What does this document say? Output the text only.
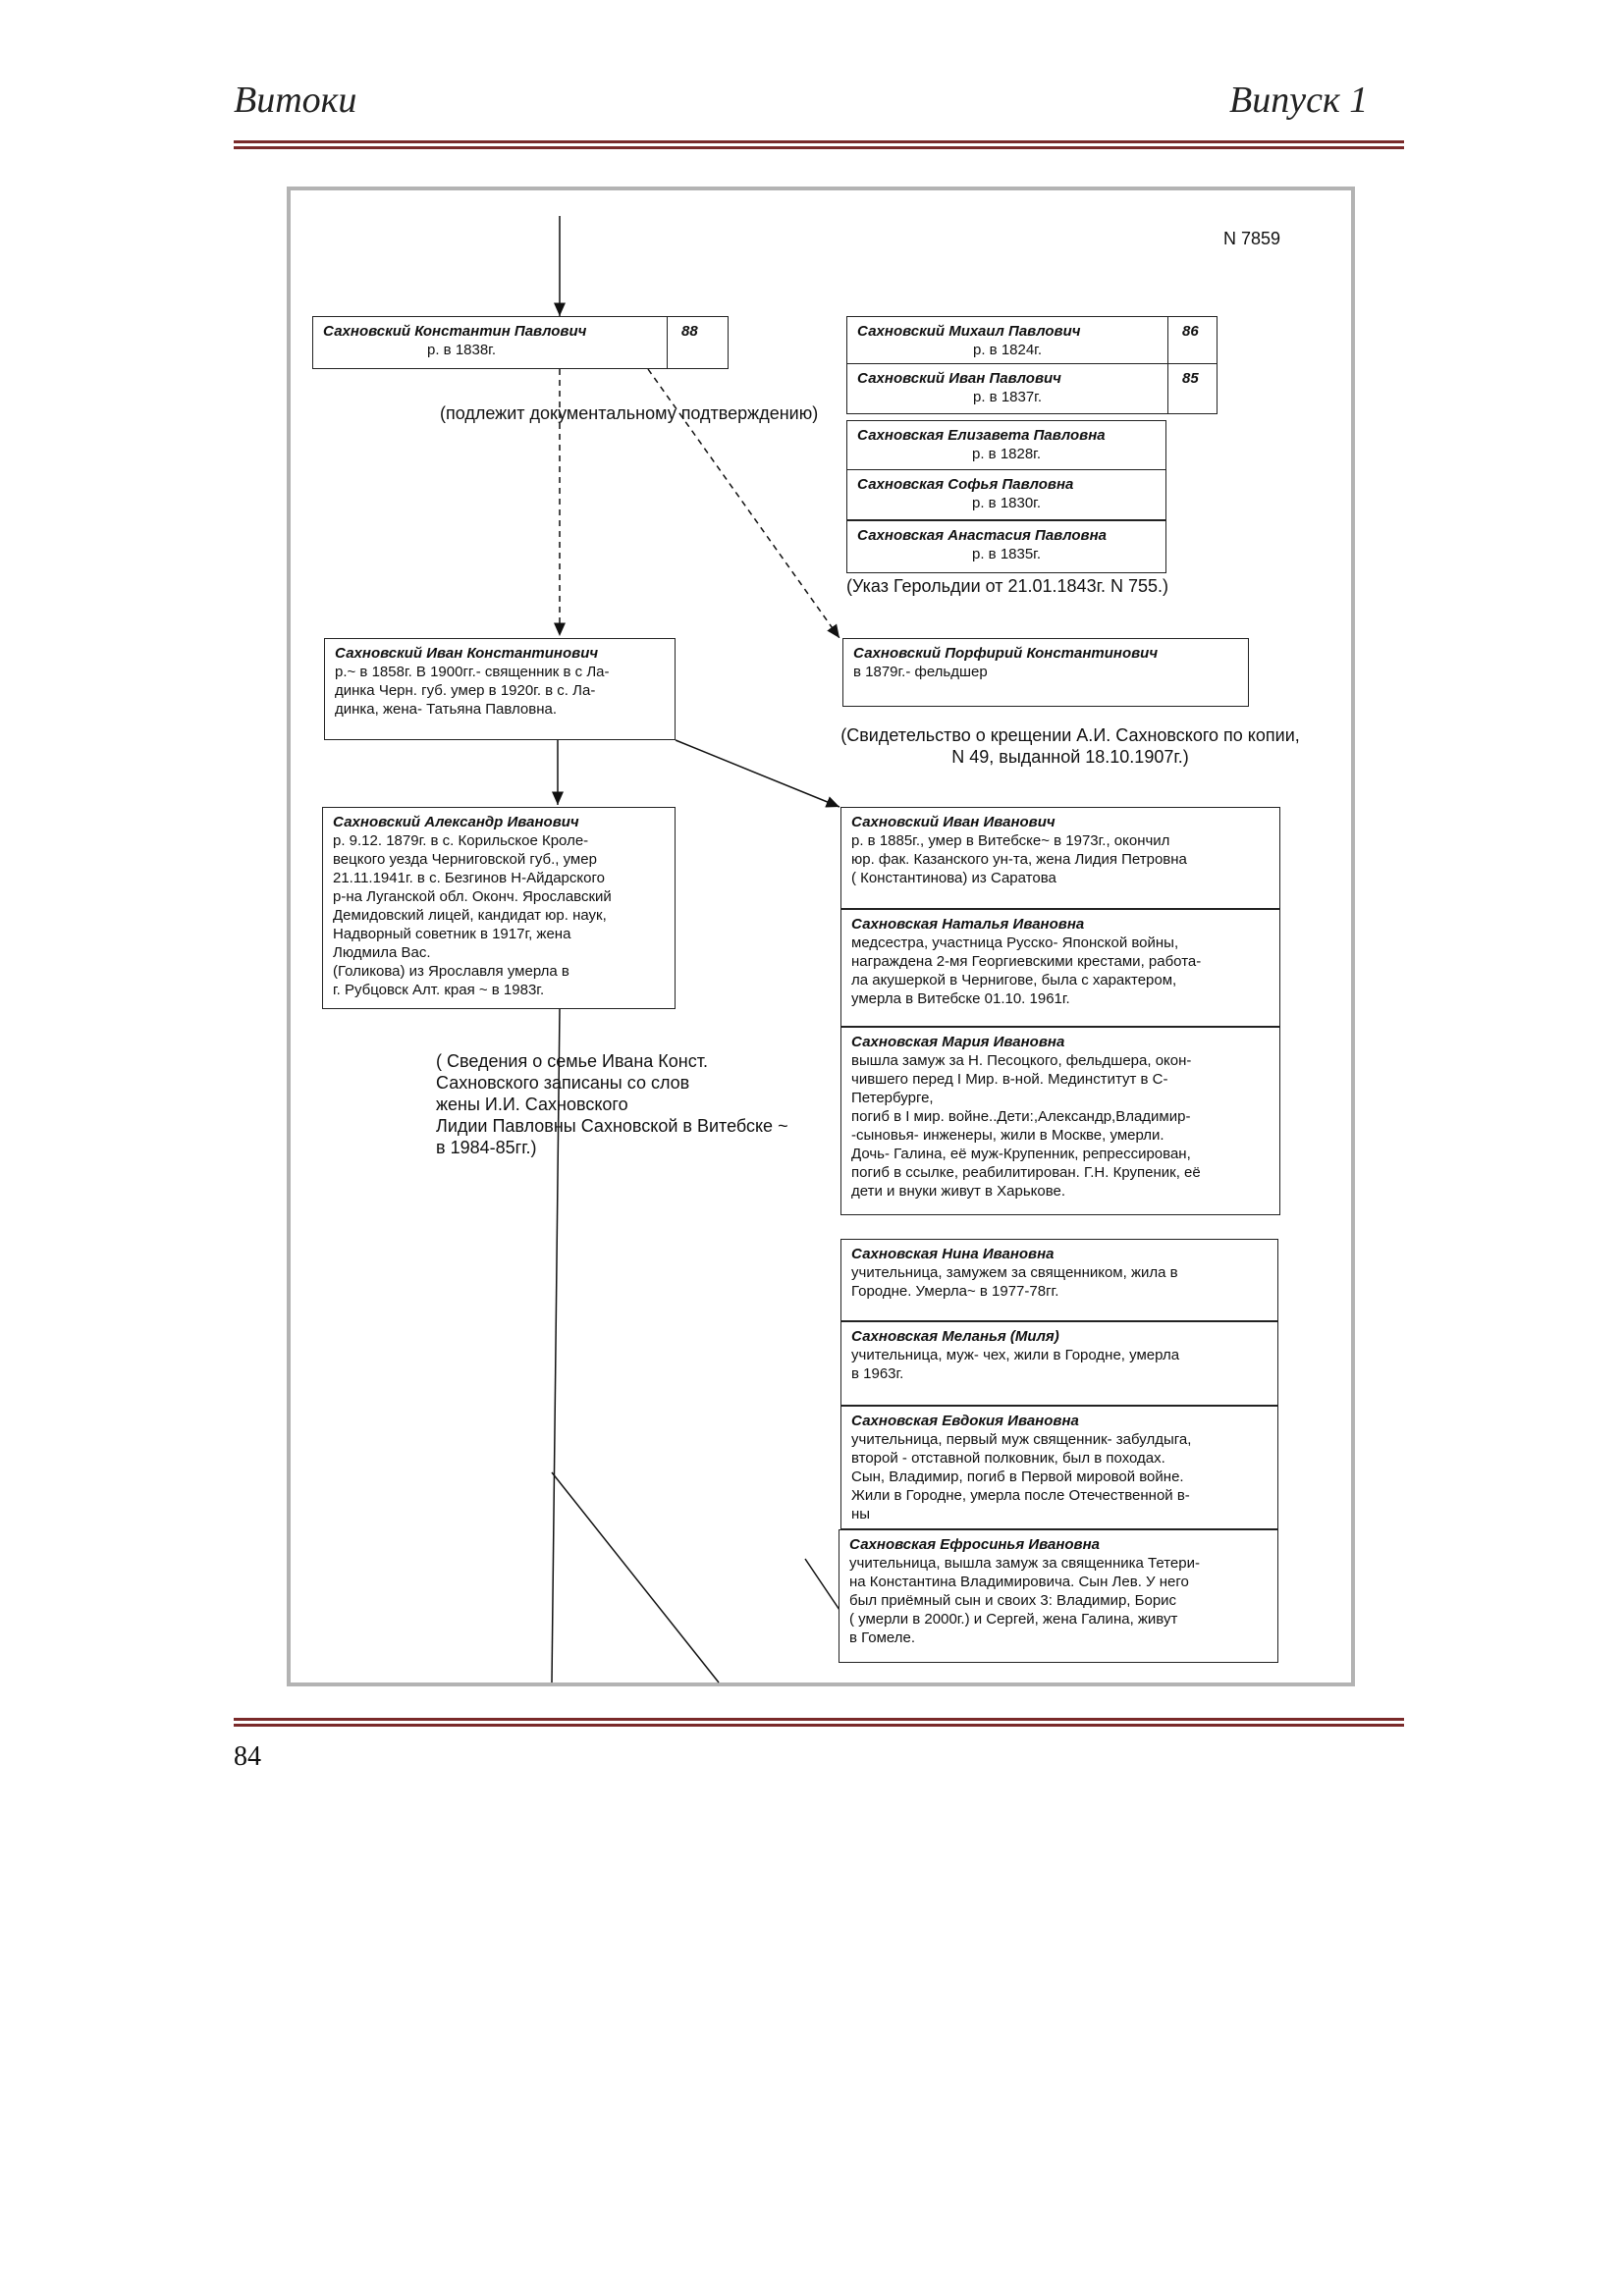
Витоки	Випуск 1
N 7859
Сахновский Константин Павлович
р. в 1838г.
88
(подлежит документальному подтверждению)
Сахновский Михаил Павлович
р. в 1824г.
86
Сахновский Иван Павлович
р. в 1837г.
85
Сахновская Елизавета Павловна
р. в 1828г.
Сахновская Софья Павловна
р. в 1830г.
Сахновская Анастасия Павловна
р. в 1835г.
(Указ Герольдии от 21.01.1843г. N 755.)
Сахновский Иван Константинович
р.~ в 1858г. В 1900гг.- священник в с Ла-
динка Черн. губ. умер в 1920г. в с. Ла-
динка, жена- Татьяна Павловна.
Сахновский Порфирий Константинович
в 1879г.- фельдшер
(Свидетельство о крещении А.И. Сахновского по копии,
N 49, выданной 18.10.1907г.)
Сахновский Александр Иванович
р. 9.12. 1879г. в с. Корильское Кроле-
вецкого уезда Черниговской губ., умер
21.11.1941г. в с. Безгинов Н-Айдарского
р-на Луганской обл. Оконч. Ярославский
Демидовский лицей, кандидат юр. наук,
Надворный советник в 1917г, жена
Людмила Вас.
(Голикова) из Ярославля умерла в
г. Рубцовск Алт. края ~ в 1983г.
( Сведения о семье Ивана Конст.
Сахновского записаны со слов
жены И.И. Сахновского
Лидии Павловны Сахновской в Витебске ~
в 1984-85гг.)
Сахновский Иван Иванович
р. в 1885г., умер в Витебске~ в 1973г., окончил
юр. фак. Казанского ун-та, жена Лидия Петровна
( Константинова) из Саратова
Сахновская Наталья Ивановна
медсестра, участница Русско- Японской войны,
награждена 2-мя Георгиевскими крестами, работа-
ла акушеркой в Чернигове, была с характером,
умерла в Витебске 01.10. 1961г.
Сахновская Мария Ивановна
вышла замуж за Н. Песоцкого, фельдшера, окон-
чившего перед I Мир. в-ной. Мединститут в С-
Петербурге,
погиб в I мир. войне..Дети:,Александр,Владимир-
-сыновья- инженеры, жили в Москве, умерли.
Дочь- Галина, её муж-Крупенник, репрессирован,
погиб в ссылке, реабилитирован. Г.Н. Крупеник, её
дети и внуки живут в Харькове.
Сахновская Нина Ивановна
учительница, замужем за священником, жила в
Городне. Умерла~ в 1977-78гг.
Сахновская Меланья (Миля)
учительница, муж- чех, жили в Городне, умерла
в 1963г.
Сахновская Евдокия Ивановна
учительница, первый муж священник- забулдыга,
второй - отставной полковник, был в походах.
Сын, Владимир, погиб в Первой мировой войне.
Жили в Городне, умерла после Отечественной в-
ны
Сахновская Ефросинья Ивановна
учительница, вышла замуж за священника Тетери-
на Константина Владимировича. Сын Лев. У него
был приёмный сын и своих 3: Владимир, Борис
( умерли в 2000г.) и Сергей, жена Галина, живут
в Гомеле.
84
